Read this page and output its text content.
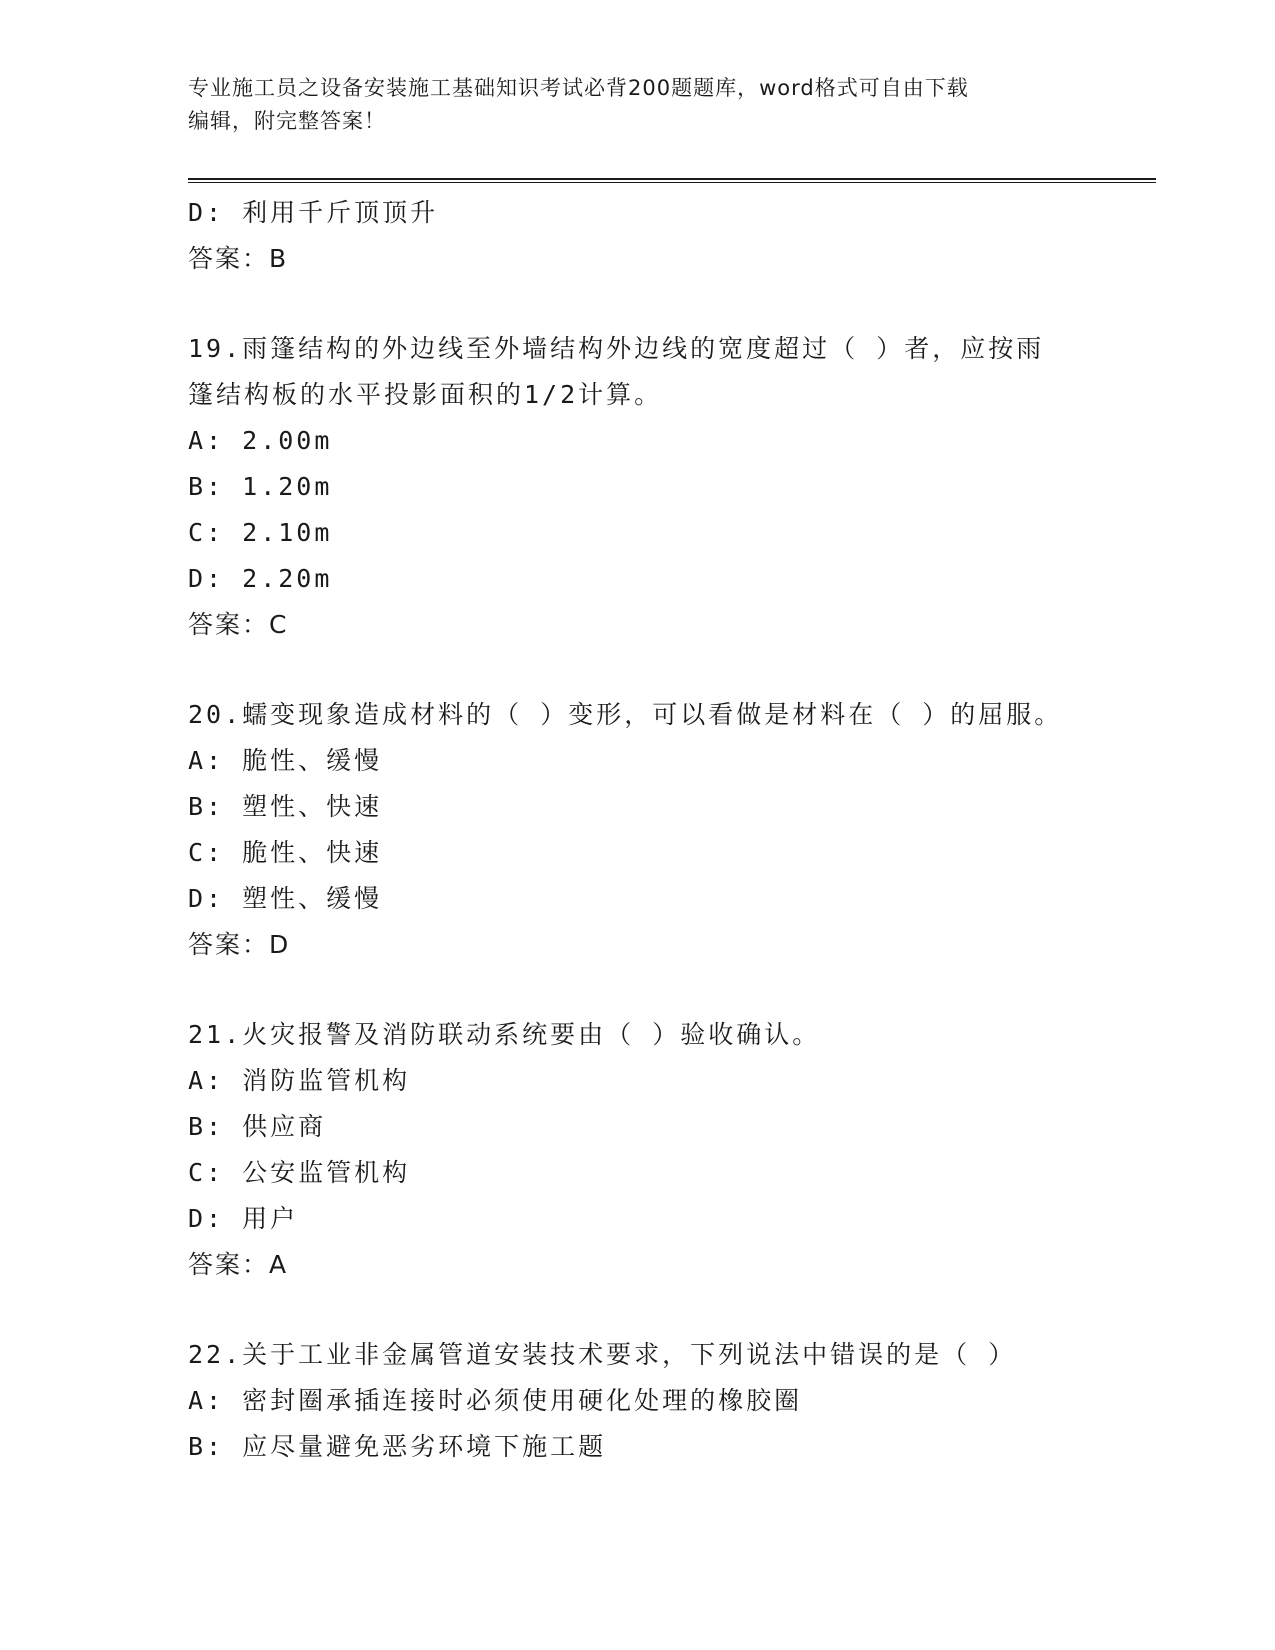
专业施工员之设备安装施工基础知识考试必背200题题库，word格式可自由下载
编辑，附完整答案！
D: 利用千斤顶顶升
答案：B
19.雨篷结构的外边线至外墙结构外边线的宽度超过（ ）者，应按雨
篷结构板的水平投影面积的1/2计算。
A: 2.00m
B: 1.20m
C: 2.10m
D: 2.20m
答案：C
20.蠕变现象造成材料的（ ）变形，可以看做是材料在（ ）的屈服。
A: 脆性、缓慢
B: 塑性、快速
C: 脆性、快速
D: 塑性、缓慢
答案：D
21.火灾报警及消防联动系统要由（ ）验收确认。
A: 消防监管机构
B: 供应商
C: 公安监管机构
D: 用户
答案：A
22.关于工业非金属管道安装技术要求，下列说法中错误的是（ ）
A: 密封圈承插连接时必须使用硬化处理的橡胶圈
B: 应尽量避免恶劣环境下施工题
